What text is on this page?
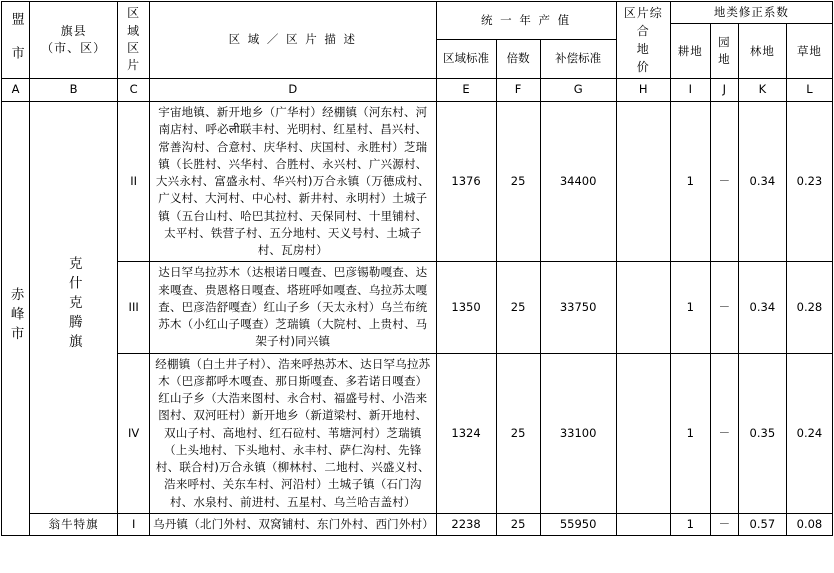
盟 市	旗县
（市、区）

区域
区片
	区 域 ／ 区 片 描 述	统 一 年 产 值	区片综合
地
价
	地类修正系数
								耕地	园地	林地	草地
				区域标准	倍数	补偿标准					
A	B	C	D	E	F	G	H	I	J	K	L
赤峰市	克什克腾旗	II	宇宙地镇、新开地乡（广华村）经棚镇（河东村、河南店村、呼必ली联丰村、光明村、红星村、昌兴村、常善沟村、合意村、庆华村、庆国村、永胜村）芝瑞镇（长胜村、兴华村、合胜村、永兴村、广兴源村、大兴永村、富盛永村、华兴村)万合永镇（万德成村、广义村、大河村、中心村、新井村、永明村）土城子镇（五台山村、哈巴其拉村、天保同村、十里铺村、太平村、铁营子村、五分地村、天义号村、土城子村、瓦房村）	1376	25	34400		1	－	0.34	0.23
		III	达日罕乌拉苏木（达根诺日嘎查、巴彦锡勒嘎查、达来嘎查、贵恩格日嘎查、塔班呼如嘎查、乌拉苏太嘎查、巴彦浩舒嘎查）红山子乡（天太永村）乌兰布统苏木（小红山子嘎查）芝瑞镇（大院村、上贵村、马架子村)同兴镇	1350	25	33750		1	－	0.34	0.28
		IV	经棚镇（白土井子村）、浩来呼热苏木、达日罕乌拉苏木（巴彦都呼木嘎查、那日斯嘎查、多若诺日嘎查）红山子乡（大浩来图村、永合村、福盛号村、小浩来图村、双河旺村）新开地乡（新道梁村、新开地村、双山子村、高地村、红石砬村、苇塘河村）芝瑞镇（上头地村、下头地村、永丰村、萨仁沟村、先锋村、联合村)万合永镇（柳林村、二地村、兴盛义村、浩来呼村、关东车村、河沿村）土城子镇（石门沟村、水泉村、前进村、五星村、乌兰哈吉盖村）	1324	25	33100		1	－	0.35	0.24
	翁牛特旗	I	乌丹镇（北门外村、双窝铺村、东门外村、西门外村）	2238	25	55950		1	－	0.57	0.08
